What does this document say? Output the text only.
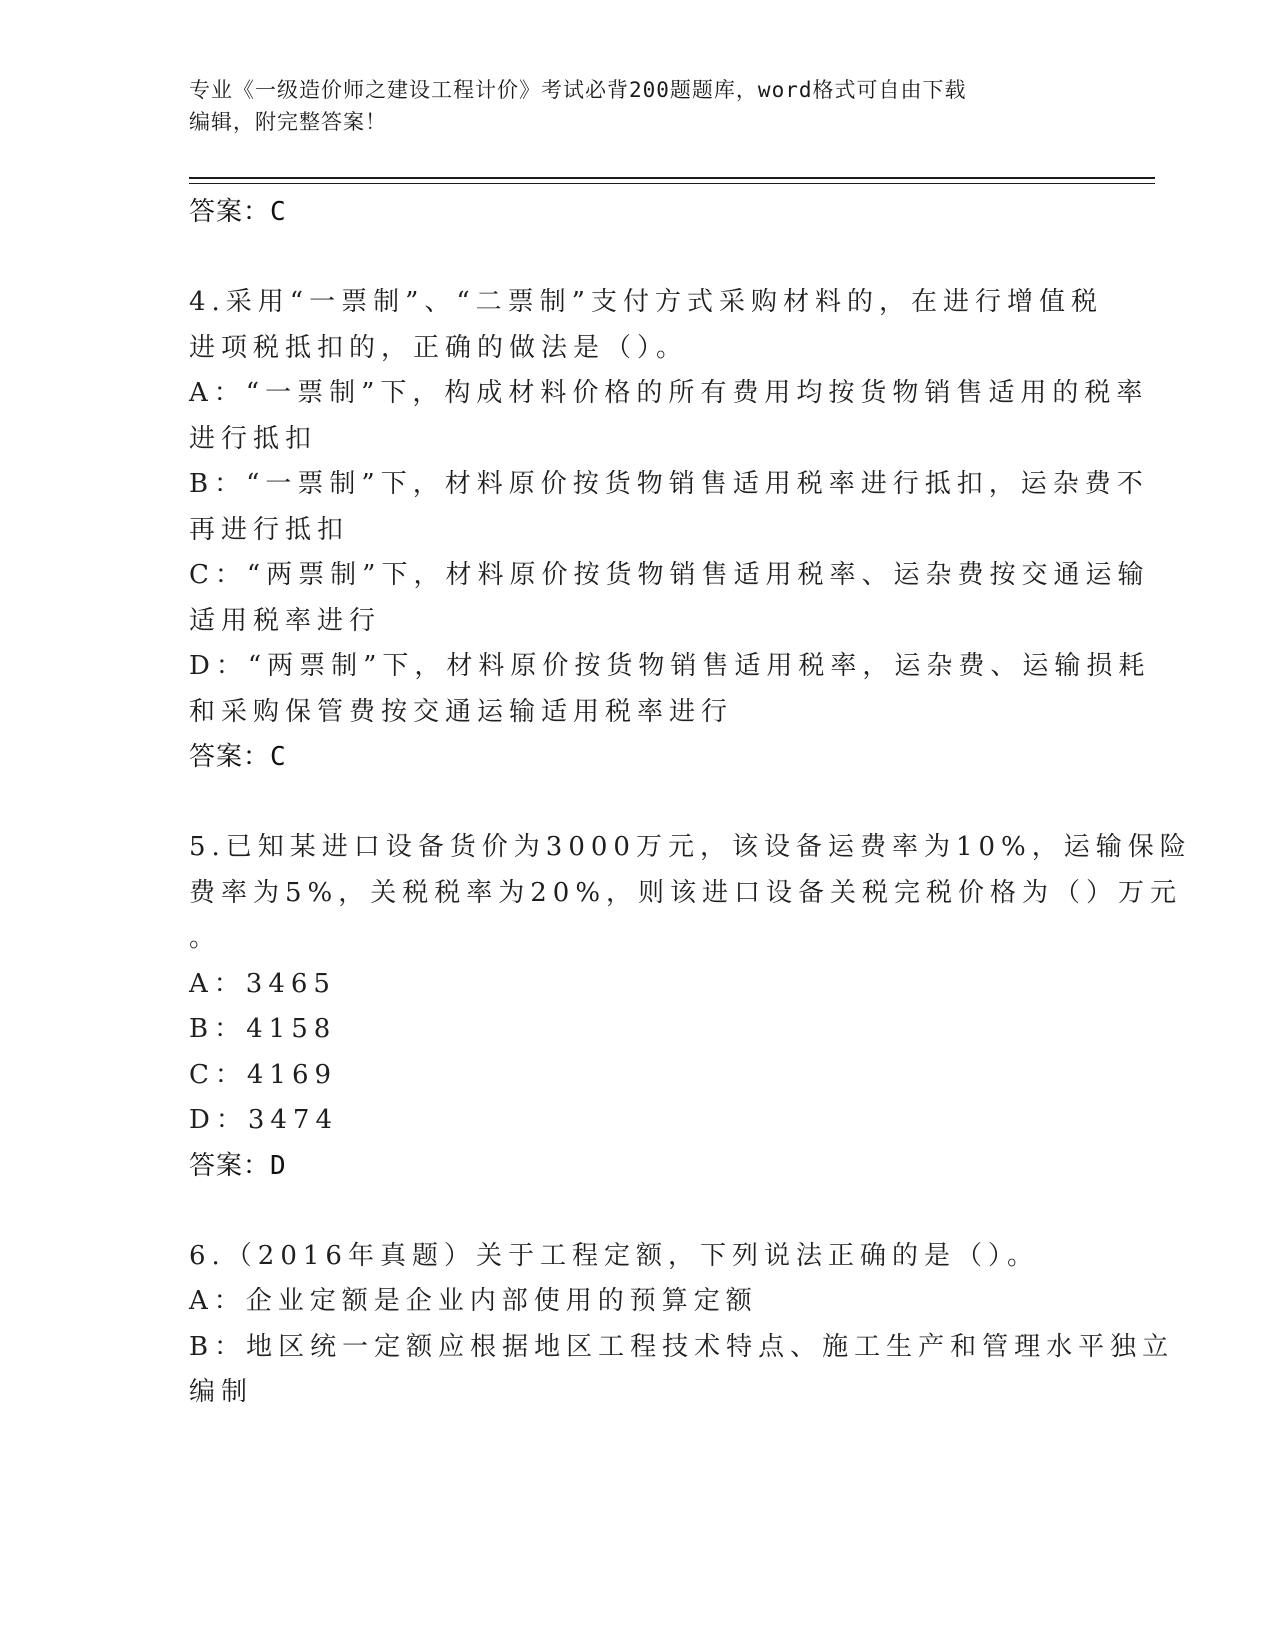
专业《一级造价师之建设工程计价》考试必背200题题库，word格式可自由下载
编辑，附完整答案！

答案：C

4.采用“一票制”、“二票制”支付方式采购材料的，在进行增值税

进项税抵扣的，正确的做法是（）。

A：“一票制”下，构成材料价格的所有费用均按货物销售适用的税率

进行抵扣

B：“一票制”下，材料原价按货物销售适用税率进行抵扣，运杂费不

再进行抵扣

C：“两票制”下，材料原价按货物销售适用税率、运杂费按交通运输

适用税率进行

D：“两票制”下，材料原价按货物销售适用税率，运杂费、运输损耗

和采购保管费按交通运输适用税率进行

答案：C

5.已知某进口设备货价为3000万元，该设备运费率为10%，运输保险

费率为5%，关税税率为20%，则该进口设备关税完税价格为（）万元

。

A：3465

B：4158

C：4169

D：3474

答案：D

6.（2016年真题）关于工程定额，下列说法正确的是（）。

A：企业定额是企业内部使用的预算定额

B：地区统一定额应根据地区工程技术特点、施工生产和管理水平独立

编制
